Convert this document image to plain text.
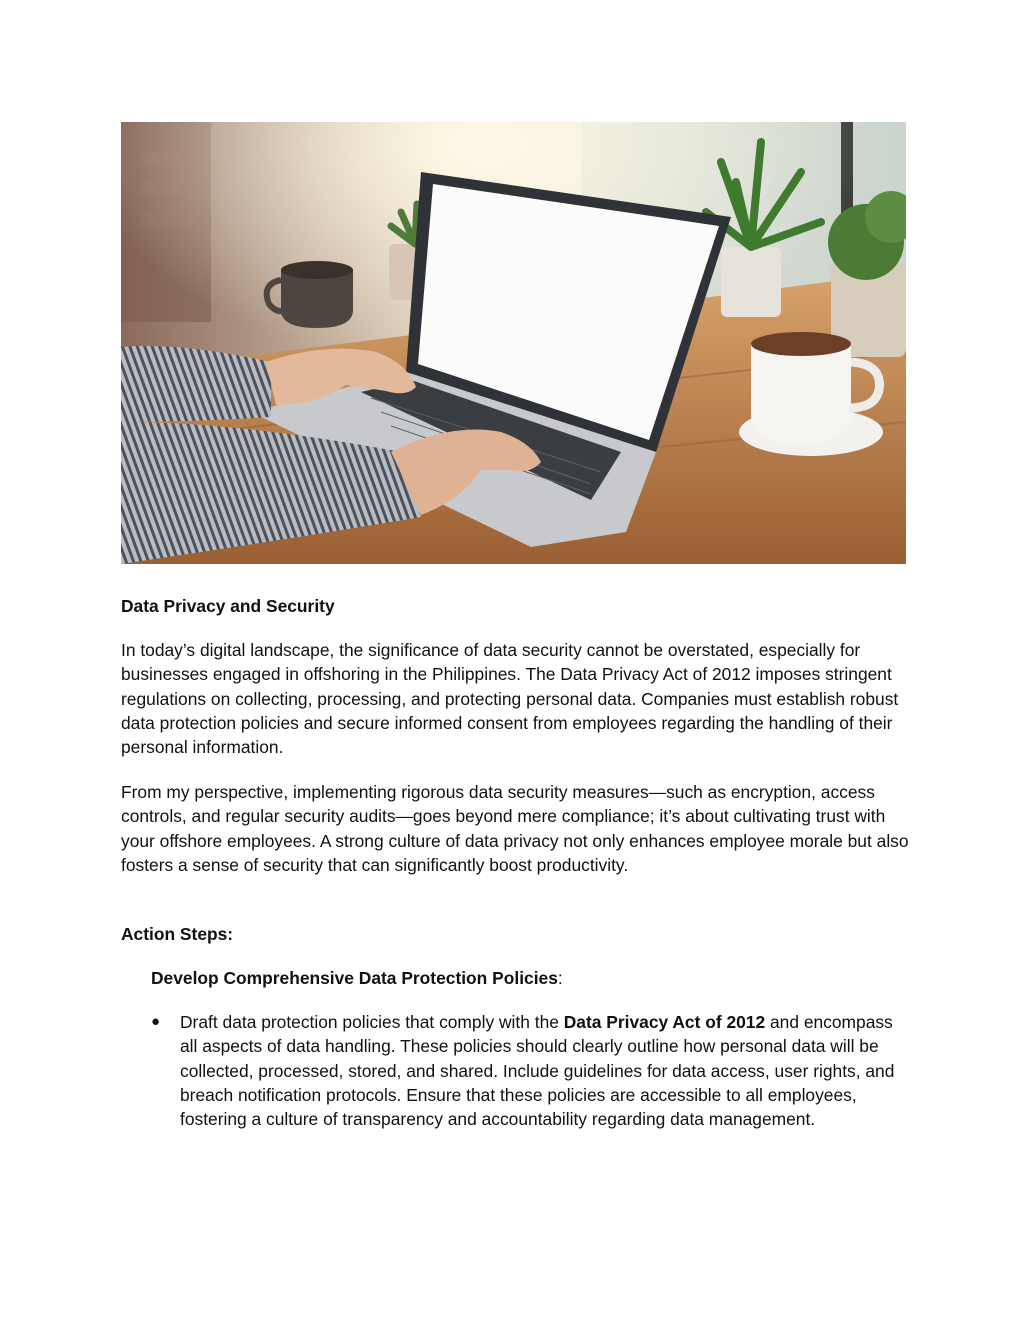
Data Privacy and Security
In today’s digital landscape, the significance of data security cannot be overstated, especially for businesses engaged in offshoring in the Philippines. The Data Privacy Act of 2012 imposes stringent regulations on collecting, processing, and protecting personal data. Companies must establish robust data protection policies and secure informed consent from employees regarding the handling of their personal information.
From my perspective, implementing rigorous data security measures—such as encryption, access controls, and regular security audits—goes beyond mere compliance; it’s about cultivating trust with your offshore employees. A strong culture of data privacy not only enhances employee morale but also fosters a sense of security that can significantly boost productivity.
Action Steps:
Develop Comprehensive Data Protection Policies:
● Draft data protection policies that comply with the Data Privacy Act of 2012 and encompass all aspects of data handling. These policies should clearly outline how personal data will be collected, processed, stored, and shared. Include guidelines for data access, user rights, and breach notification protocols. Ensure that these policies are accessible to all employees, fostering a culture of transparency and accountability regarding data management.
